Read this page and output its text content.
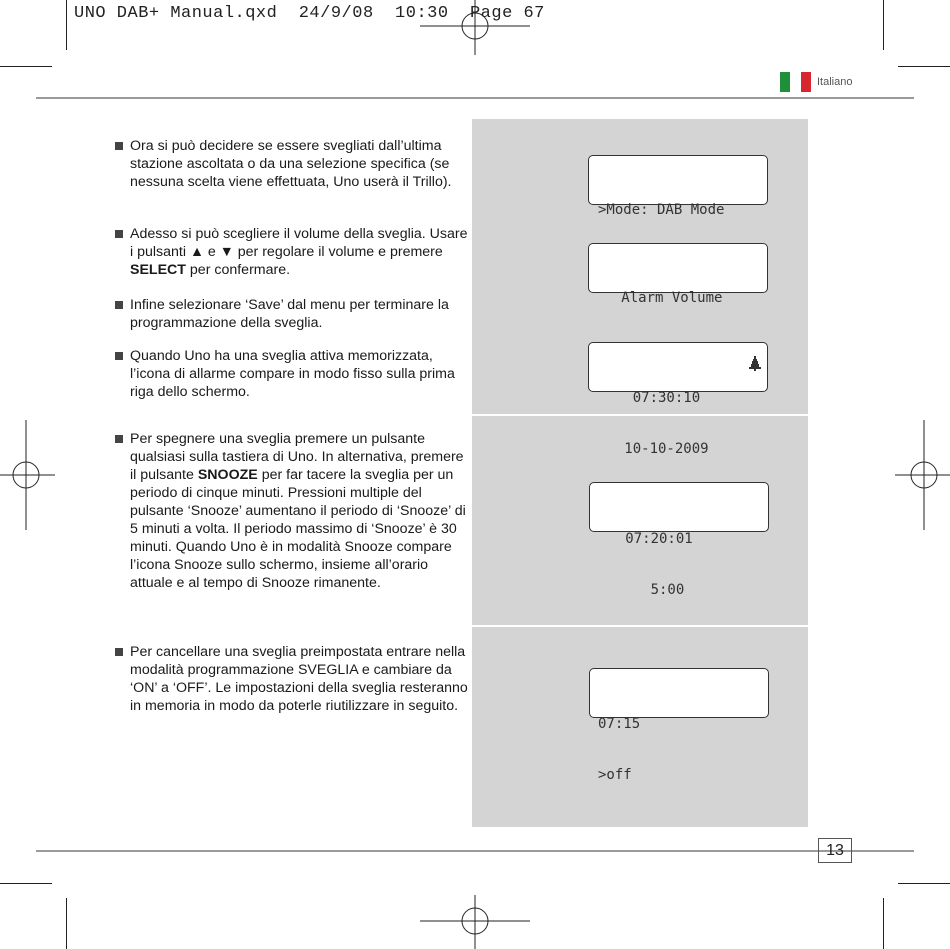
UNO DAB+ Manual.qxd  24/9/08  10:30  Page 67
Italiano
Ora si può decidere se essere svegliati dall’ultima stazione ascoltata o da una selezione specifica (se nessuna scelta viene effettuata, Uno userà il Trillo).
Adesso si può scegliere il volume della sveglia. Usare i pulsanti ▲ e ▼ per regolare il volume e premere SELECT per confermare.
Infine selezionare ‘Save’ dal menu per terminare la programmazione della sveglia.
Quando Uno ha una sveglia attiva memorizzata, l’icona di allarme compare in modo fisso sulla prima riga dello schermo.
Per spegnere una sveglia premere un pulsante qualsiasi sulla tastiera di Uno. In alternativa, premere il pulsante SNOOZE per far tacere la sveglia per un periodo di cinque minuti. Pressioni multiple del pulsante ‘Snooze’ aumentano il periodo di ‘Snooze’ di 5 minuti a volta. Il periodo massimo di ‘Snooze’ è 30 minuti. Quando Uno è in modalità Snooze compare l’icona Snooze sullo schermo, insieme all’orario attuale e al tempo di Snooze rimanente.
Per cancellare una sveglia preimpostata entrare nella modalità programmazione SVEGLIA e cambiare da ‘ON’ a ‘OFF’. Le impostazioni della sveglia resteranno in memoria in modo da poterle riutilizzare in seguito.

>Mode: DAB Mode

Alarm Volume

07:30:10

10-10-2009

07:20:01

5:00

07:15

>off

13
